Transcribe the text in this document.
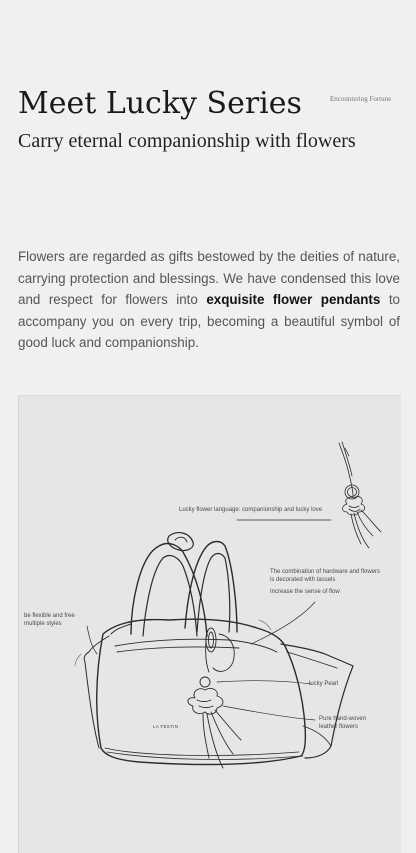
Meet Lucky Series	Encountering Fortune
Carry eternal companionship with flowers

Flowers are regarded as gifts bestowed by the deities of nature, carrying protection and blessings. We have condensed this love and respect for flowers into exquisite flower pendants to accompany you on every trip, becoming a beautiful symbol of good luck and companionship.

LA FESTIN
Lucky flower language: companionship and lucky love
The combination of hardware and flowers
is decorated with tassels
Increase the sense of flow
be flexible and free
multiple styles
lucky Pearl
Pure hand-woven
leather flowers
